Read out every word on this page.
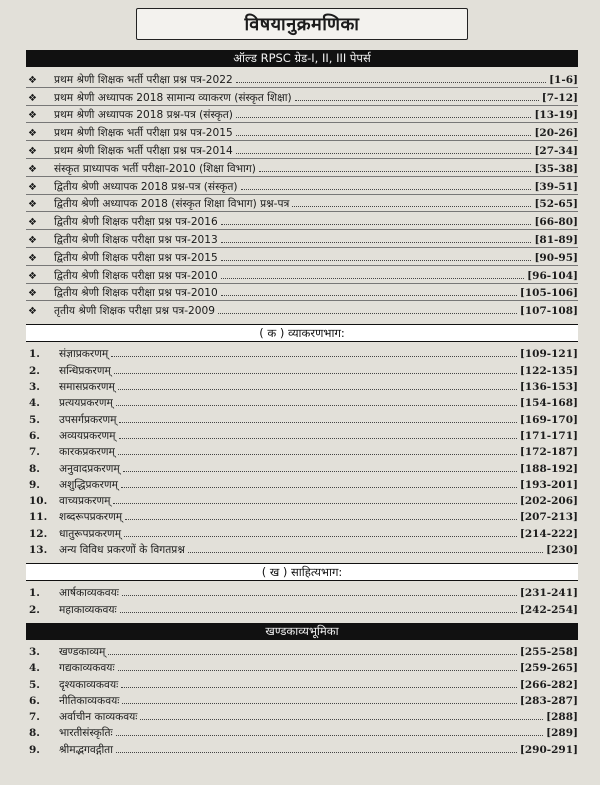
विषयानुक्रमणिका
ऑल्ड RPSC ग्रेड-I, II, III पेपर्स
❖	प्रथम श्रेणी शिक्षक भर्ती परीक्षा प्रश्न पत्र-2022	[1-6]
❖	प्रथम श्रेणी अध्यापक 2018 सामान्य व्याकरण (संस्कृत शिक्षा)	[7-12]
❖	प्रथम श्रेणी अध्यापक 2018 प्रश्न-पत्र (संस्कृत)	[13-19]
❖	प्रथम श्रेणी शिक्षक भर्ती परीक्षा प्रश्न पत्र-2015	[20-26]
❖	प्रथम श्रेणी शिक्षक भर्ती परीक्षा प्रश्न पत्र-2014	[27-34]
❖	संस्कृत प्राध्यापक भर्ती परीक्षा-2010 (शिक्षा विभाग)	[35-38]
❖	द्वितीय श्रेणी अध्यापक 2018 प्रश्न-पत्र (संस्कृत)	[39-51]
❖	द्वितीय श्रेणी अध्यापक 2018 (संस्कृत शिक्षा विभाग) प्रश्न-पत्र	[52-65]
❖	द्वितीय श्रेणी शिक्षक परीक्षा प्रश्न पत्र-2016	[66-80]
❖	द्वितीय श्रेणी शिक्षक परीक्षा प्रश्न पत्र-2013	[81-89]
❖	द्वितीय श्रेणी शिक्षक परीक्षा प्रश्न पत्र-2015	[90-95]
❖	द्वितीय श्रेणी शिक्षक परीक्षा प्रश्न पत्र-2010	[96-104]
❖	द्वितीय श्रेणी शिक्षक परीक्षा प्रश्न पत्र-2010	[105-106]
❖	तृतीय श्रेणी शिक्षक परीक्षा प्रश्न पत्र-2009	[107-108]
( क ) व्याकरणभाग:
1.	संज्ञाप्रकरणम्	[109-121]
2.	सन्धिप्रकरणम्	[122-135]
3.	समासप्रकरणम्	[136-153]
4.	प्रत्ययप्रकरणम्	[154-168]
5.	उपसर्गप्रकरणम्	[169-170]
6.	अव्ययप्रकरणम्	[171-171]
7.	कारकप्रकरणम्	[172-187]
8.	अनुवादप्रकरणम्	[188-192]
9.	अशुद्धिप्रकरणम्	[193-201]
10.	वाच्यप्रकरणम्	[202-206]
11.	शब्दरूपप्रकरणम्	[207-213]
12.	धातुरूपप्रकरणम्	[214-222]
13.	अन्य विविध प्रकरणों के विगतप्रश्न	[230]
( ख ) साहित्यभाग:
1.	आर्षकाव्यकवयः	[231-241]
2.	महाकाव्यकवयः	[242-254]
खण्डकाव्यभूमिका
3.	खण्डकाव्यम्	[255-258]
4.	गद्यकाव्यकवयः	[259-265]
5.	दृश्यकाव्यकवयः	[266-282]
6.	नीतिकाव्यकवयः	[283-287]
7.	अर्वाचीन काव्यकवयः	[288]
8.	भारतीसंस्कृतिः	[289]
9.	श्रीमद्भगवद्गीता	[290-291]
